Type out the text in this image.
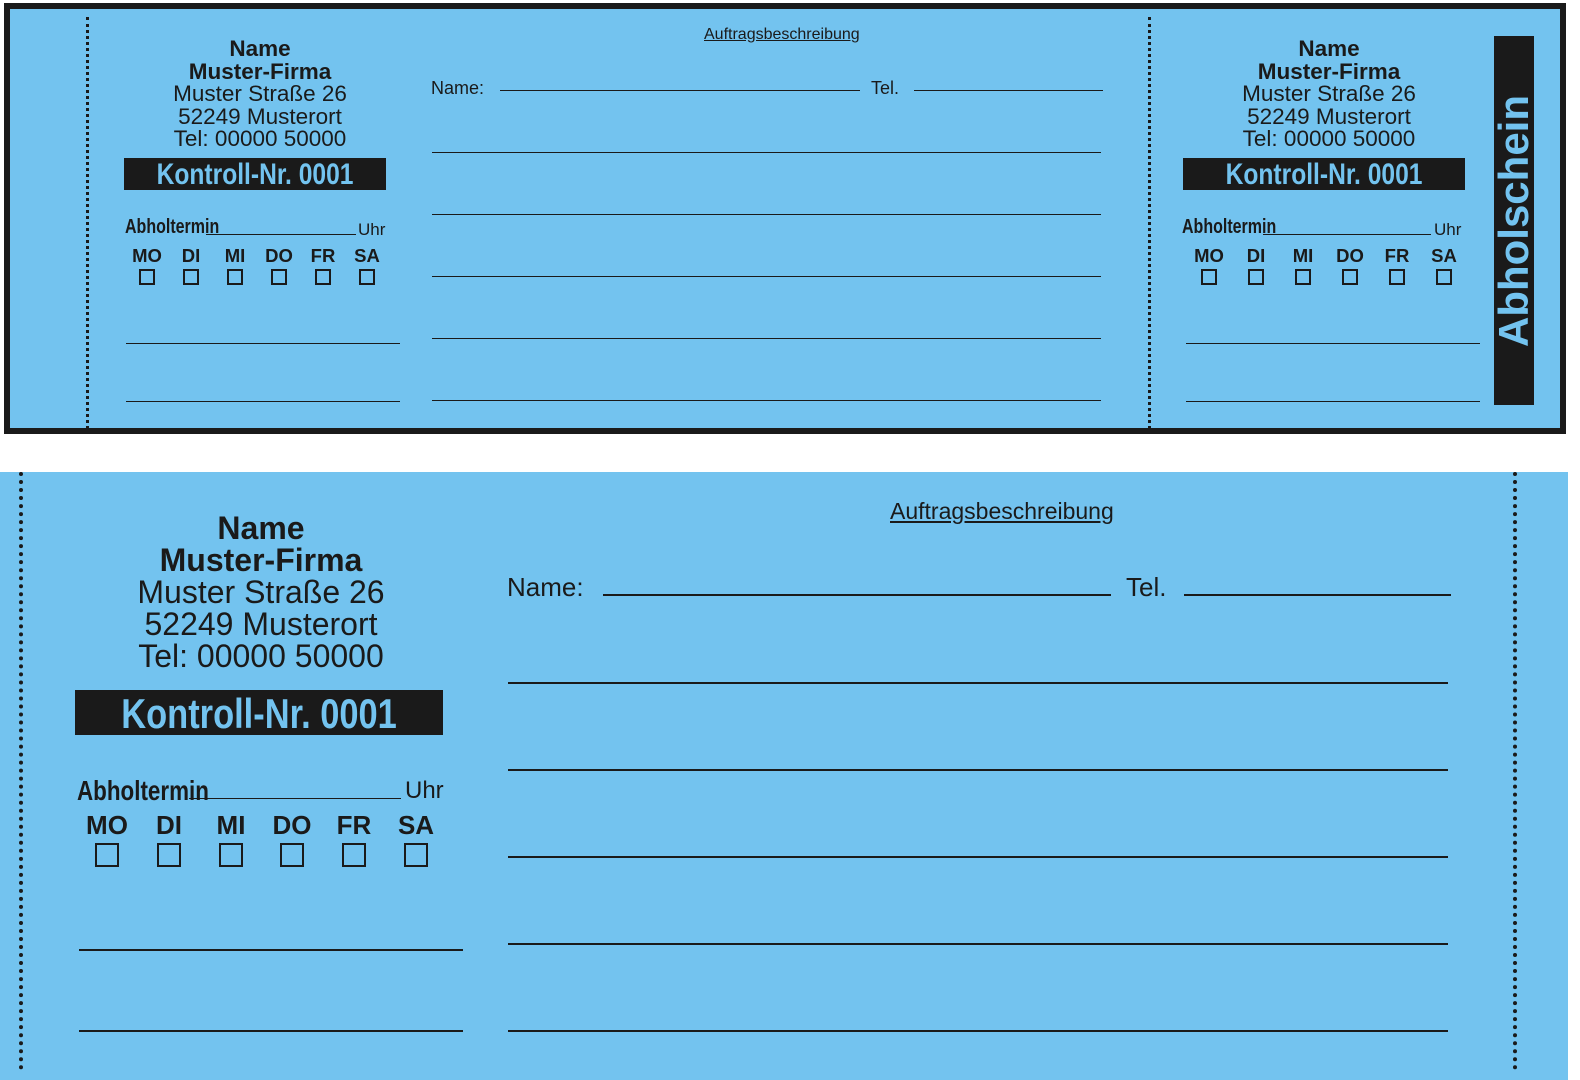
Name
Muster-Firma
Muster Straße 26
52249 Musterort
Tel: 00000 50000
Kontroll-Nr. 0001
Abholtermin	Uhr
MO	DI	MI	DO FR	SA
Auftragsbeschreibung
Name:	Tel.
Name
Muster-Firma
Muster Straße 26
52249 Musterort
Tel: 00000 50000
Kontroll-Nr. 0001
Abholtermin	Uhr
MO	DI	MI	DO	FR	SA Abholschein
Name
Muster-Firma
Muster Straße 26
52249 Musterort
Tel: 00000 50000
Kontroll-Nr. 0001
Abholtermin	Uhr
MO	DI	MI	DO FR	SA
Auftragsbeschreibung
Name:	Tel.
